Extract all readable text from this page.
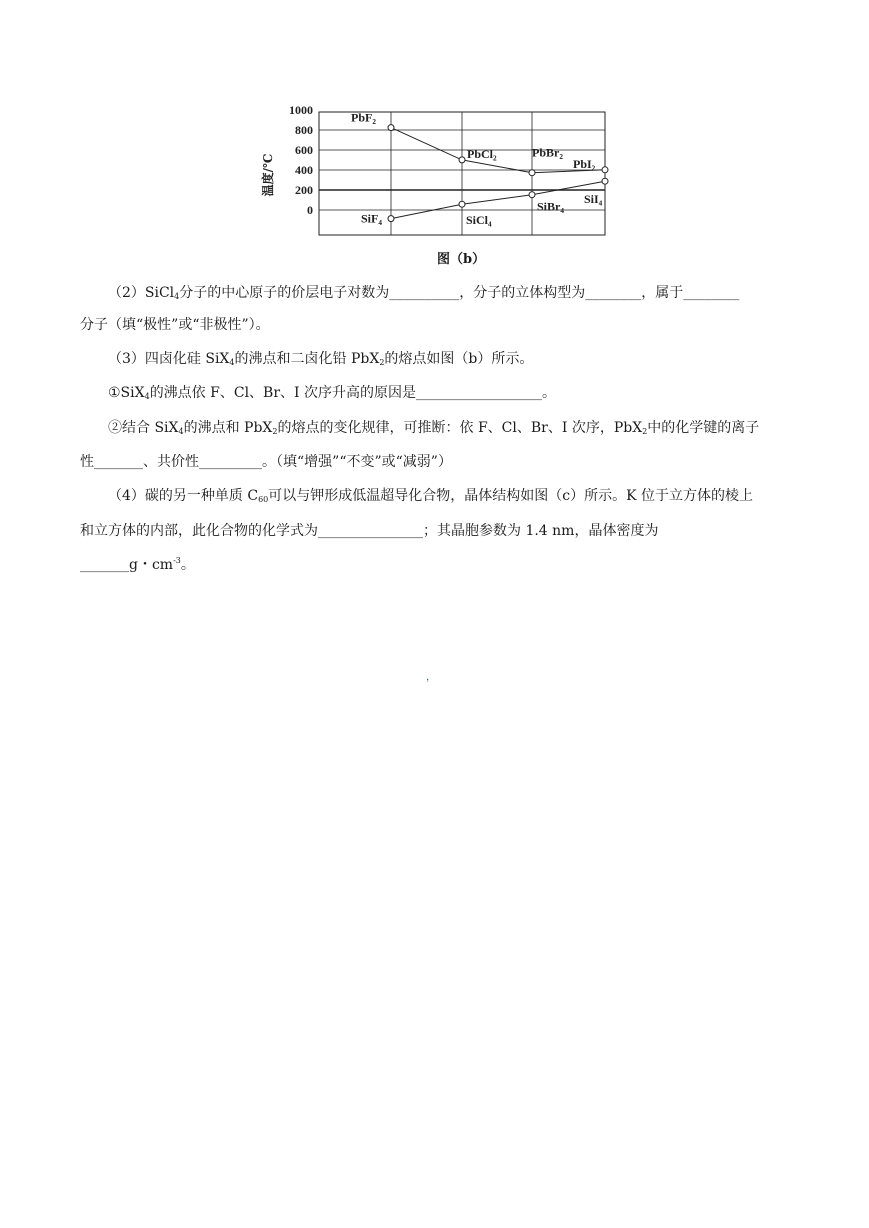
1000
800
600
400
200
0
温度/℃
PbF₂
PbCl₂	PbBr₂
PbI₂
SiF₄	SiCl₄
SiBr₄
SiI₄
图（b）
（2）SiCl$_4$分子的中心原子的价层电子对数为__________，分子的立体构型为________，属于________
分子（填“极性”或“非极性”）。
（3）四卤化硅 SiX$_4$的沸点和二卤化铅 PbX$_2$的熔点如图（b）所示。
①SiX$_4$的沸点依 F、Cl、Br、I 次序升高的原因是__________________。
②结合 SiX$_4$的沸点和 PbX$_2$的熔点的变化规律，可推断：依 F、Cl、Br、I 次序，PbX$_2$中的化学键的离子
性_______、共价性_________。（填“增强”“不变”或“减弱”）
（4）碳的另一种单质 $C_{60}$可以与钾形成低温超导化合物，晶体结构如图（c）所示。K 位于立方体的棱上
和立方体的内部，此化合物的化学式为_______________；其晶胞参数为 1.4 nm，晶体密度为
_______g・$cm^{-3}$。
，
